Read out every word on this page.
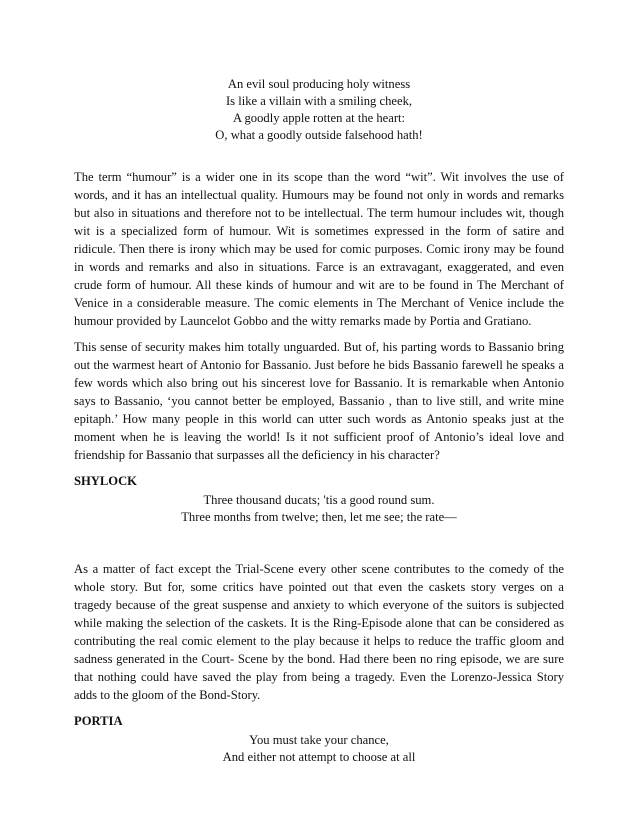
An evil soul producing holy witness
Is like a villain with a smiling cheek,
A goodly apple rotten at the heart:
O, what a goodly outside falsehood hath!

The term “humour” is a wider one in its scope than the word “wit”. Wit involves the use of words, and it has an intellectual quality. Humours may be found not only in words and remarks but also in situations and therefore not to be intellectual. The term humour includes wit, though wit is a specialized form of humour. Wit is sometimes expressed in the form of satire and ridicule. Then there is irony which may be used for comic purposes. Comic irony may be found in words and remarks and also in situations. Farce is an extravagant, exaggerated, and even crude form of humour. All these kinds of humour and wit are to be found in The Merchant of Venice in a considerable measure. The comic elements in The Merchant of Venice include the humour provided by Launcelot Gobbo and the witty remarks made by Portia and Gratiano.

This sense of security makes him totally unguarded. But of, his parting words to Bassanio bring out the warmest heart of Antonio for Bassanio. Just before he bids Bassanio farewell he speaks a few words which also bring out his sincerest love for Bassanio. It is remarkable when Antonio says to Bassanio, ‘you cannot better be employed, Bassanio , than to live still, and write mine epitaph.’ How many people in this world can utter such words as Antonio speaks just at the moment when he is leaving the world! Is it not sufficient proof of Antonio’s ideal love and friendship for Bassanio that surpasses all the deficiency in his character?

SHYLOCK
Three thousand ducats; 'tis a good round sum.
Three months from twelve; then, let me see; the rate—

As a matter of fact except the Trial-Scene every other scene contributes to the comedy of the whole story. But for, some critics have pointed out that even the caskets story verges on a tragedy because of the great suspense and anxiety to which everyone of the suitors is subjected while making the selection of the caskets. It is the Ring-Episode alone that can be considered as contributing the real comic element to the play because it helps to reduce the traffic gloom and sadness generated in the Court- Scene by the bond. Had there been no ring episode, we are sure that nothing could have saved the play from being a tragedy. Even the Lorenzo-Jessica Story adds to the gloom of the Bond-Story.

PORTIA
You must take your chance,
And either not attempt to choose at all
